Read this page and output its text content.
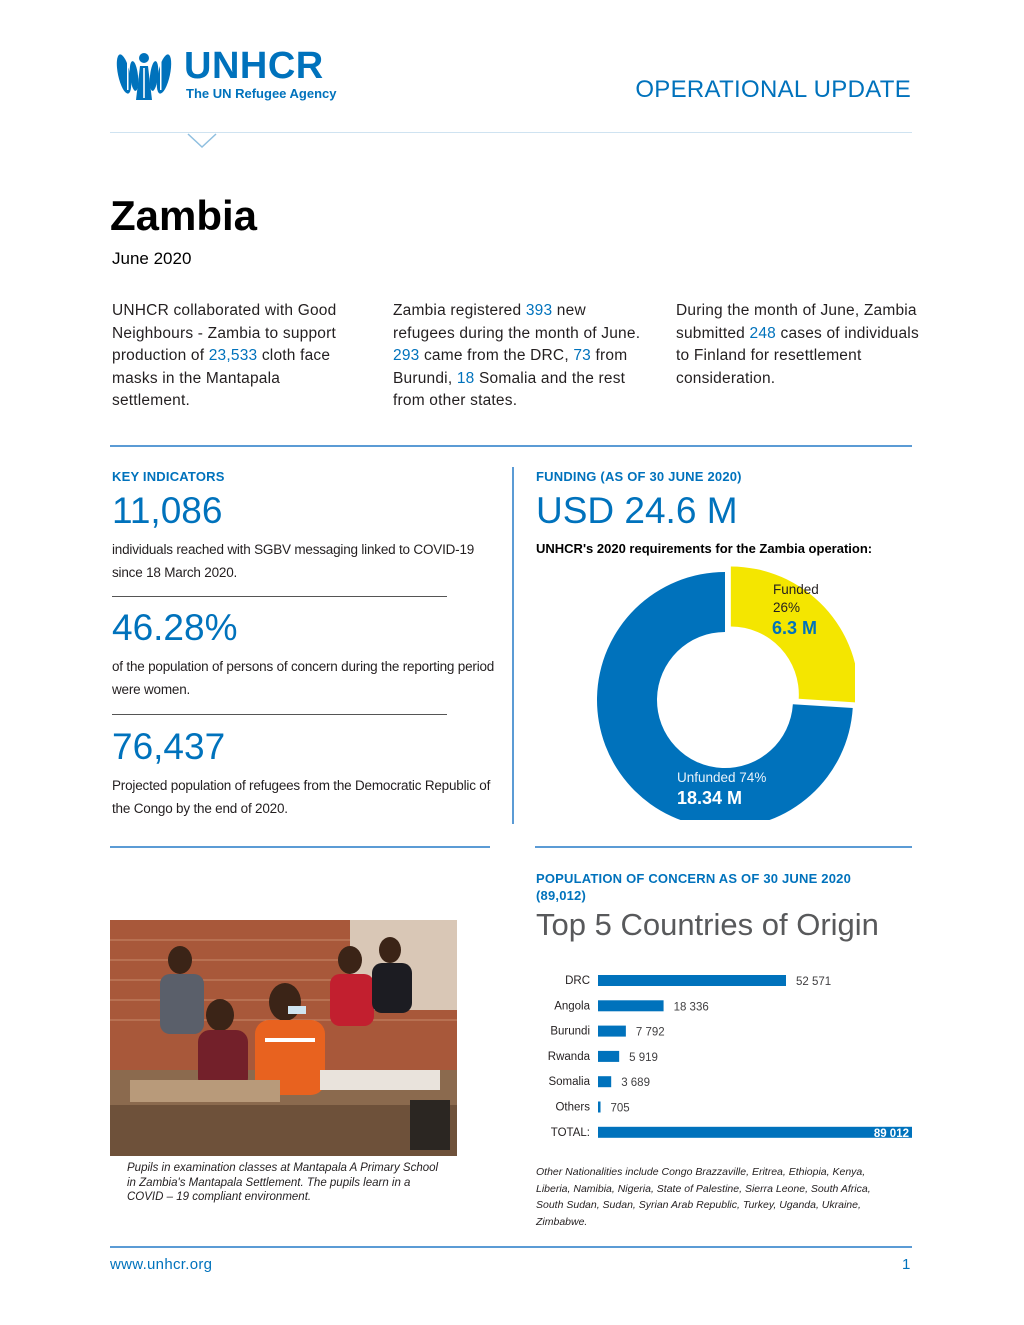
UNHCR
The UN Refugee Agency	OPERATIONAL UPDATE
Zambia
June 2020
UNHCR collaborated with Good Neighbours - Zambia to support production of 23,533 cloth face masks in the Mantapala settlement.
Zambia registered 393 new refugees during the month of June. 293 came from the DRC, 73 from Burundi, 18 Somalia and the rest from other states.
During the month of June, Zambia submitted 248 cases of individuals to Finland for resettlement consideration.
KEY INDICATORS
11,086
individuals reached with SGBV messaging linked to COVID-19 since 18 March 2020.
46.28%
of the population of persons of concern during the reporting period were women.
76,437
Projected population of refugees from the Democratic Republic of the Congo by the end of 2020.
FUNDING (AS OF 30 JUNE 2020)
USD 24.6 M
UNHCR's 2020 requirements for the Zambia operation:
Funded
26%
6.3 M
Unfunded 74%
18.34 M
POPULATION OF CONCERN AS OF 30 JUNE 2020 (89,012)
Top 5 Countries of Origin
DRC	52 571
Angola	18 336
Burundi	7 792
Rwanda	5 919
Somalia	3 689
Others 705
TOTAL:	89 012
Other Nationalities include Congo Brazzaville, Eritrea, Ethiopia, Kenya, Liberia, Namibia, Nigeria, State of Palestine, Sierra Leone, South Africa, South Sudan, Sudan, Syrian Arab Republic, Turkey, Uganda, Ukraine, Zimbabwe.
Pupils in examination classes at Mantapala A Primary School in Zambia's Mantapala Settlement. The pupils learn in a COVID – 19 compliant environment.
www.unhcr.org	1
